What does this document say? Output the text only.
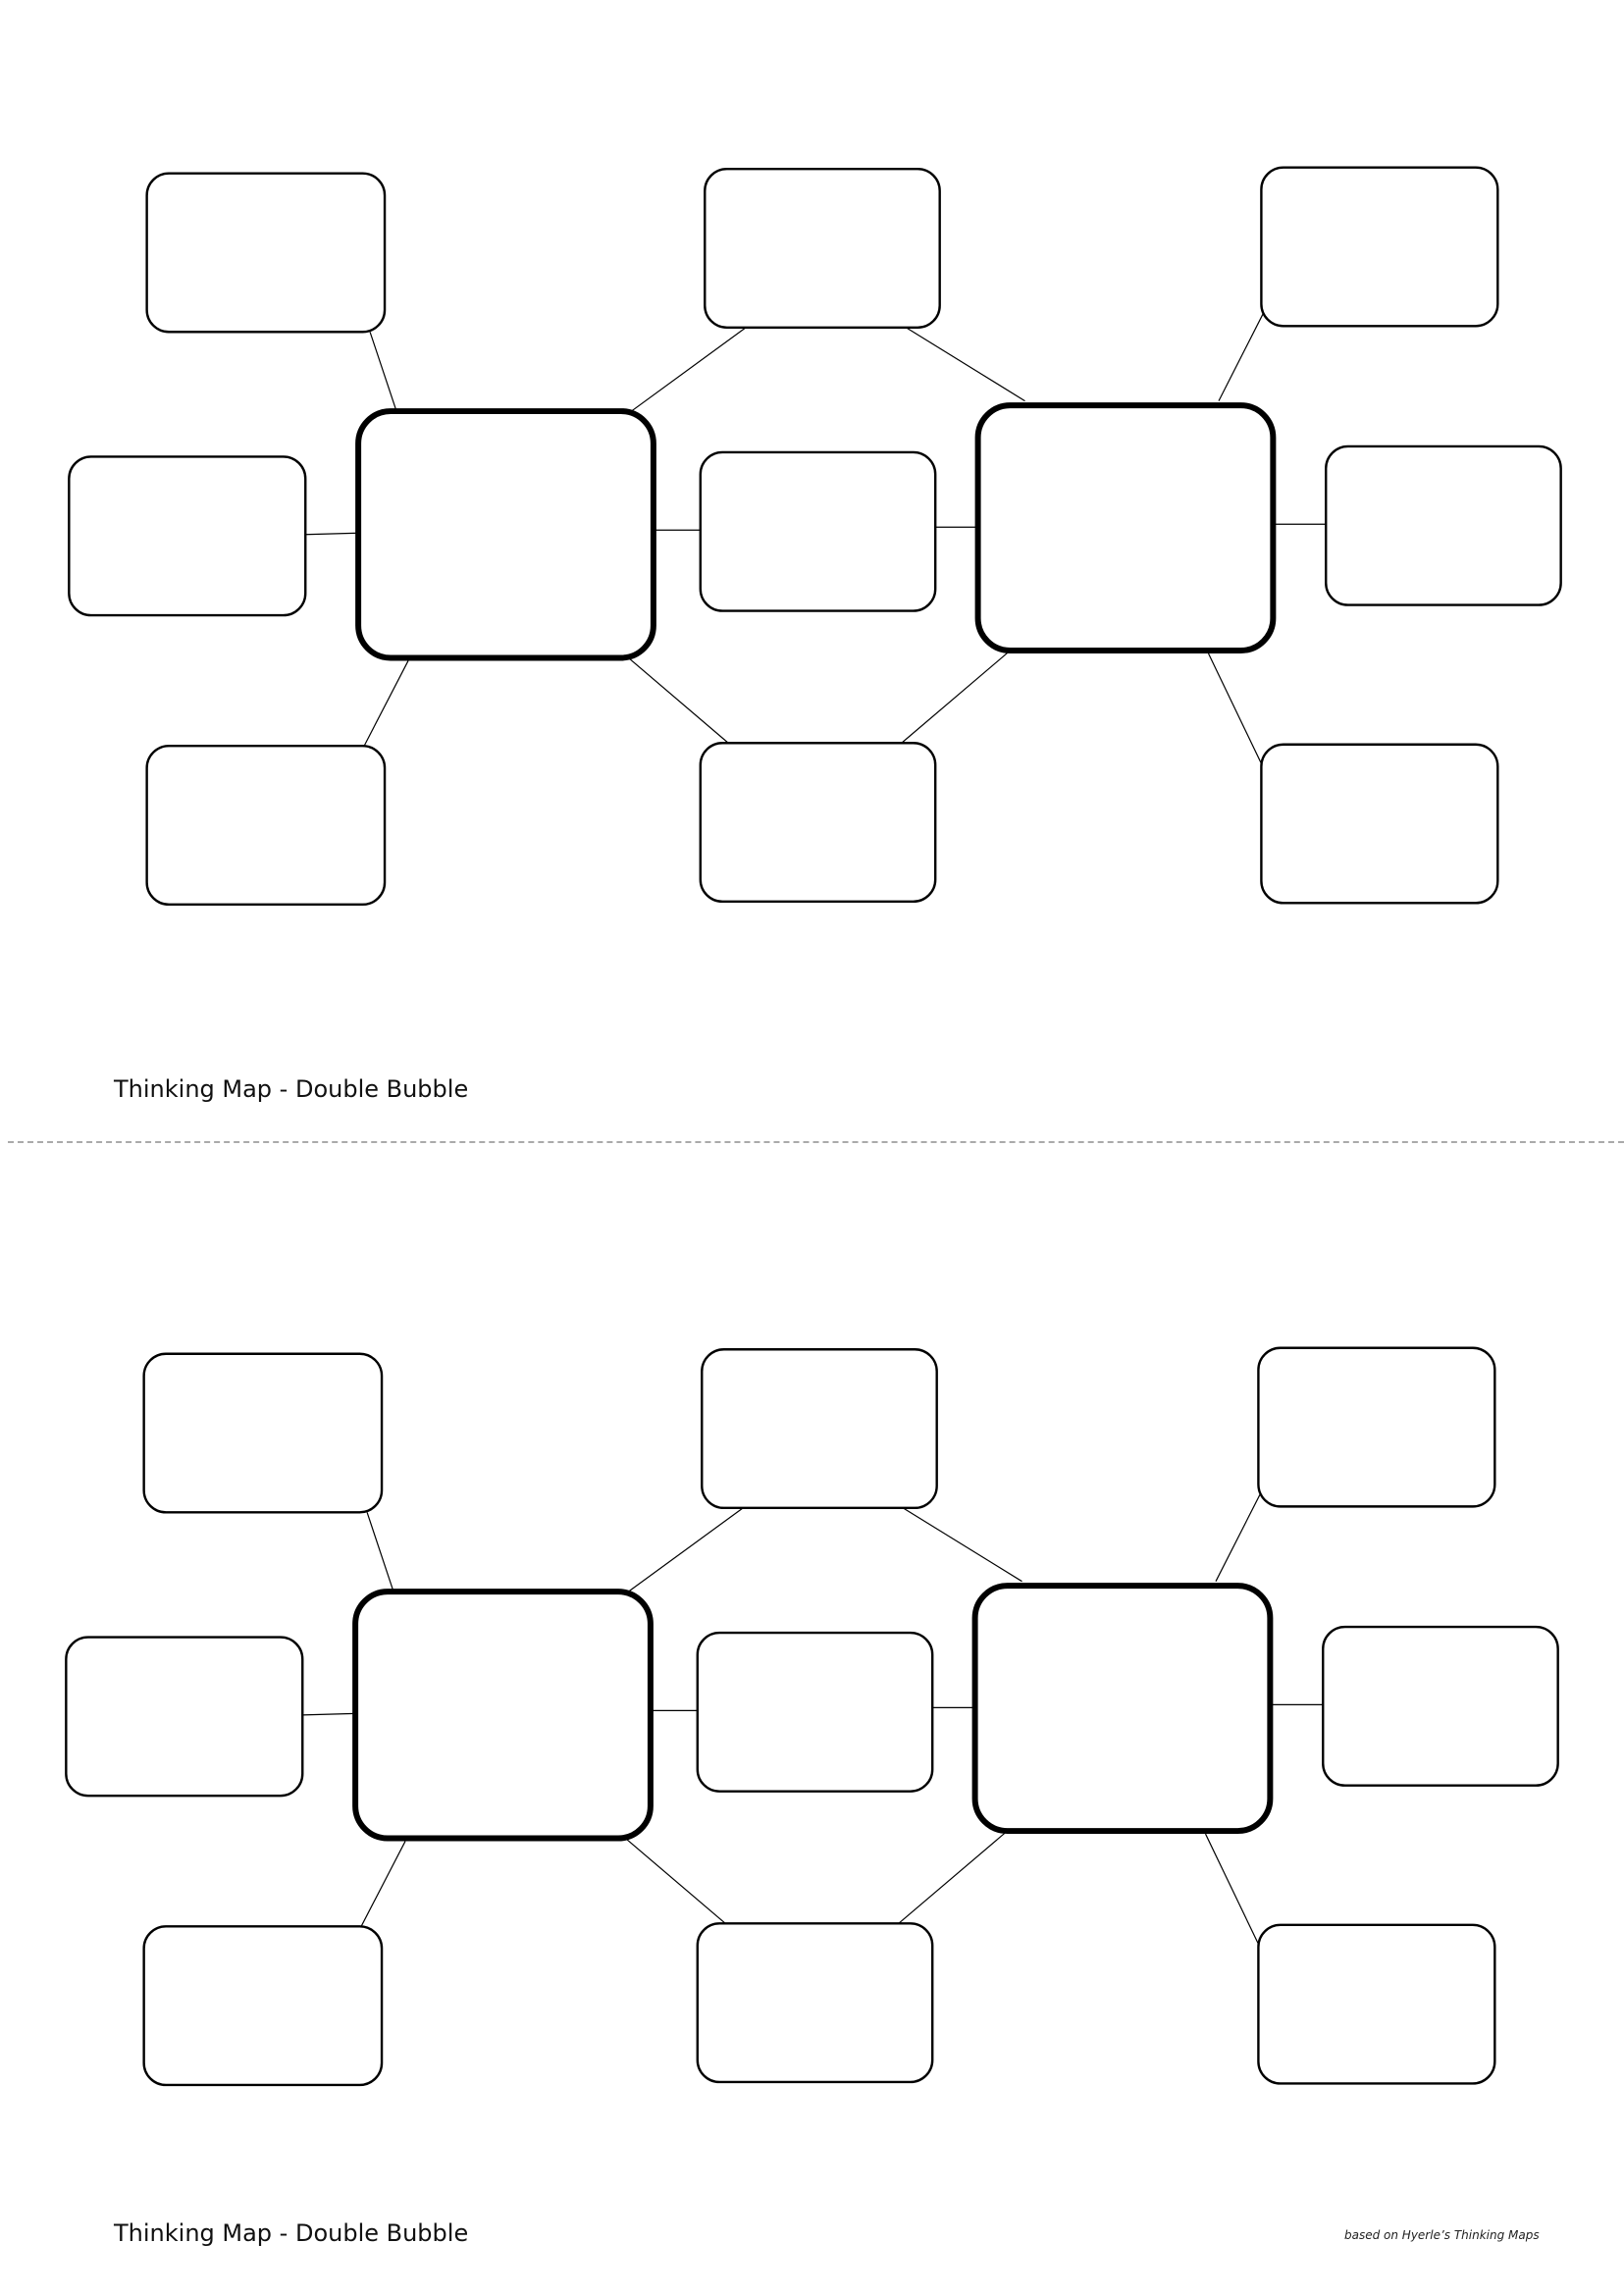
Thinking Map - Double Bubble
Thinking Map - Double Bubble	based on Hyerle’s Thinking Maps
